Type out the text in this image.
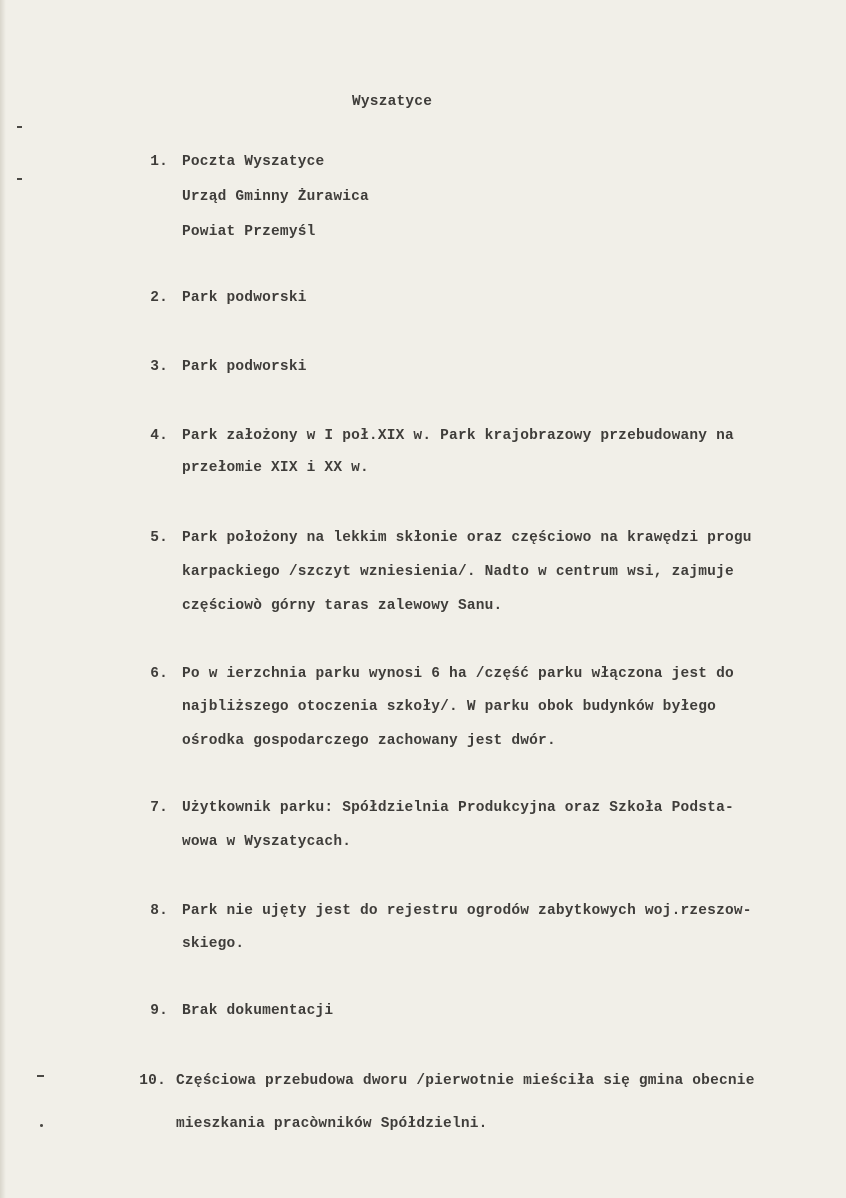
Wyszatyce
1. Poczta Wyszatyce
Urząd Gminny Żurawica
Powiat Przemyśl
2. Park podworski
3. Park podworski
4. Park założony w I poł.XIX w. Park krajobrazowy przebudowany na
przełomie XIX i XX w.
5. Park położony na lekkim skłonie oraz częściowo na krawędzi progu
karpackiego /szczyt wzniesienia/. Nadto w centrum wsi, zajmuje
częściowò górny taras zalewowy Sanu.
6. Po w ierzchnia parku wynosi 6 ha /część parku włączona jest do
najbliższego otoczenia szkoły/. W parku obok budynków byłego
ośrodka gospodarczego zachowany jest dwór.
7. Użytkownik parku: Spółdzielnia Produkcyjna oraz Szkoła Podsta-
wowa w Wyszatycach.
8. Park nie ujęty jest do rejestru ogrodów zabytkowych woj.rzeszow-
skiego.
9. Brak dokumentacji
10. Częściowa przebudowa dworu /pierwotnie mieściła się gmina obecnie
mieszkania pracòwników Spółdzielni.
